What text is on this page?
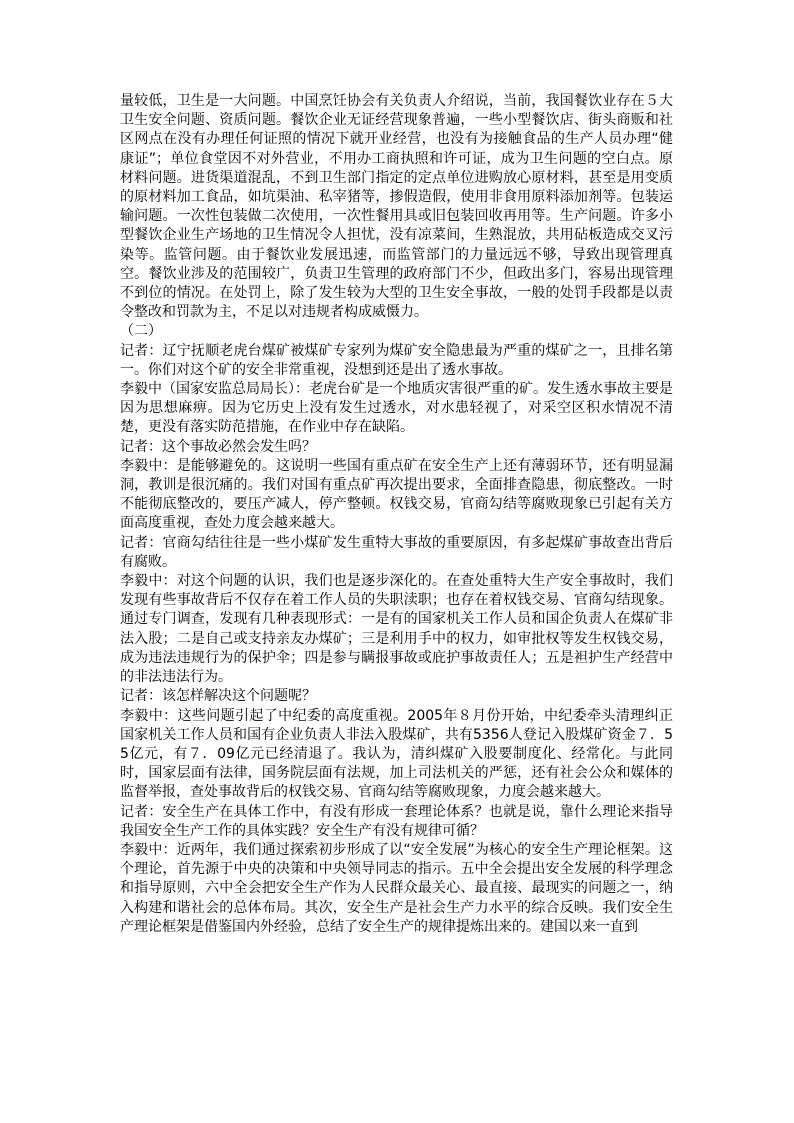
量较低，卫生是一大问题。中国烹饪协会有关负责人介绍说，当前，我国餐饮业存在５大卫生安全问题、资质问题。餐饮企业无证经营现象普遍，一些小型餐饮店、街头商贩和社区网点在没有办理任何证照的情况下就开业经营，也没有为接触食品的生产人员办理“健康证”；单位食堂因不对外营业，不用办工商执照和许可证，成为卫生问题的空白点。原材料问题。进货渠道混乱，不到卫生部门指定的定点单位进购放心原材料，甚至是用变质的原材料加工食品，如坑渠油、私宰猪等，掺假造假，使用非食用原料添加剂等。包装运输问题。一次性包装做二次使用，一次性餐用具或旧包装回收再用等。生产问题。许多小型餐饮企业生产场地的卫生情况令人担忧，没有凉菜间，生熟混放，共用砧板造成交叉污染等。监管问题。由于餐饮业发展迅速，而监管部门的力量远远不够，导致出现管理真空。餐饮业涉及的范围较广，负责卫生管理的政府部门不少，但政出多门，容易出现管理不到位的情况。在处罚上，除了发生较为大型的卫生安全事故，一般的处罚手段都是以责令整改和罚款为主，不足以对违规者构成威慑力。

（二）

记者：辽宁抚顺老虎台煤矿被煤矿专家列为煤矿安全隐患最为严重的煤矿之一，且排名第一。你们对这个矿的安全非常重视，没想到还是出了透水事故。

李毅中（国家安监总局局长）：老虎台矿是一个地质灾害很严重的矿。发生透水事故主要是因为思想麻痹。因为它历史上没有发生过透水，对水患轻视了，对采空区积水情况不清楚，更没有落实防范措施，在作业中存在缺陷。

记者：这个事故必然会发生吗？

李毅中：是能够避免的。这说明一些国有重点矿在安全生产上还有薄弱环节，还有明显漏洞，教训是很沉痛的。我们对国有重点矿再次提出要求，全面排查隐患，彻底整改。一时不能彻底整改的，要压产减人，停产整顿。权钱交易，官商勾结等腐败现象已引起有关方面高度重视，查处力度会越来越大。

记者：官商勾结往往是一些小煤矿发生重特大事故的重要原因，有多起煤矿事故查出背后有腐败。

李毅中：对这个问题的认识，我们也是逐步深化的。在查处重特大生产安全事故时，我们发现有些事故背后不仅存在着工作人员的失职渎职；也存在着权钱交易、官商勾结现象。通过专门调查，发现有几种表现形式：一是有的国家机关工作人员和国企负责人在煤矿非法入股；二是自己或支持亲友办煤矿；三是利用手中的权力，如审批权等发生权钱交易，成为违法违规行为的保护伞；四是参与瞒报事故或庇护事故责任人；五是袒护生产经营中的非法违法行为。

记者：该怎样解决这个问题呢？

李毅中：这些问题引起了中纪委的高度重视。2005年８月份开始，中纪委牵头清理纠正国家机关工作人员和国有企业负责人非法入股煤矿，共有5356人登记入股煤矿资金７．55亿元，有７．09亿元已经清退了。我认为，清纠煤矿入股要制度化、经常化。与此同时，国家层面有法律，国务院层面有法规，加上司法机关的严惩，还有社会公众和媒体的监督举报，查处事故背后的权钱交易、官商勾结等腐败现象，力度会越来越大。

记者：安全生产在具体工作中，有没有形成一套理论体系？也就是说，靠什么理论来指导我国安全生产工作的具体实践？安全生产有没有规律可循？

李毅中：近两年，我们通过探索初步形成了以“安全发展”为核心的安全生产理论框架。这个理论，首先源于中央的决策和中央领导同志的指示。五中全会提出安全发展的科学理念和指导原则，六中全会把安全生产作为人民群众最关心、最直接、最现实的问题之一，纳入构建和谐社会的总体布局。其次，安全生产是社会生产力水平的综合反映。我们安全生产理论框架是借鉴国内外经验，总结了安全生产的规律提炼出来的。建国以来一直到
